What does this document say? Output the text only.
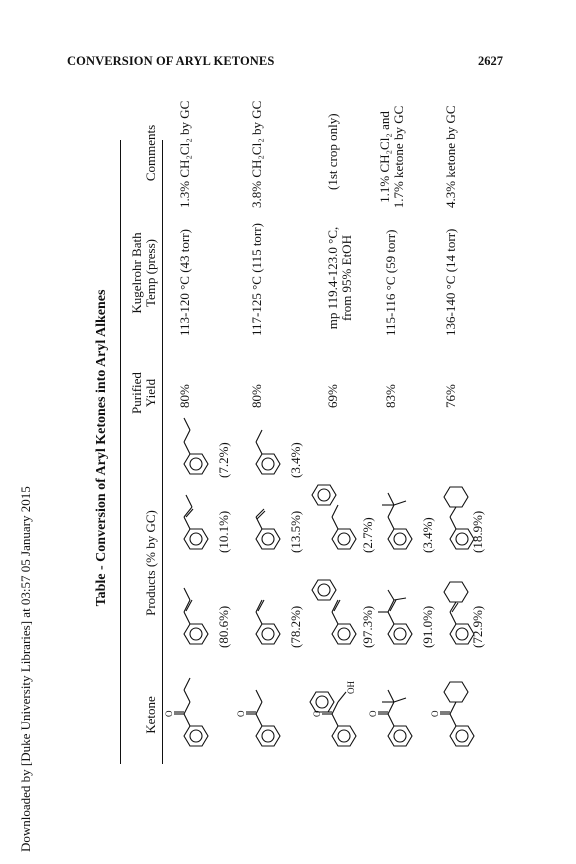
Downloaded by [Duke University Libraries] at 03:57 05 January 2015
CONVERSION OF ARYL KETONES	2627
Table - Conversion of Aryl Ketones into Aryl Alkenes
Ketone
Products (% by GC)
Purified Yield
Kugelrohr Bath Temp (press)
Comments
O
(80.6%)
(10.1%)
(7.2%)
80%
113-120 °C (43 torr)
1.3% CH₂Cl₂ by GC
O
(78.2%)
(13.5%)
(3.4%)
80%
117-125 °C (115 torr)
3.8% CH₂Cl₂ by GC
O
OH
(97.3%)
(2.7%)
69%
mp 119.4-123.0 °C, from 95% EtOH
(1st crop only)
O
(91.0%)
(3.4%)
83%
115-116 °C (59 torr)
1.1% CH₂Cl₂ and 1.7% ketone by GC
O
(72.9%)
(18.9%)
76%
136-140 °C (14 torr)
4.3% ketone by GC
